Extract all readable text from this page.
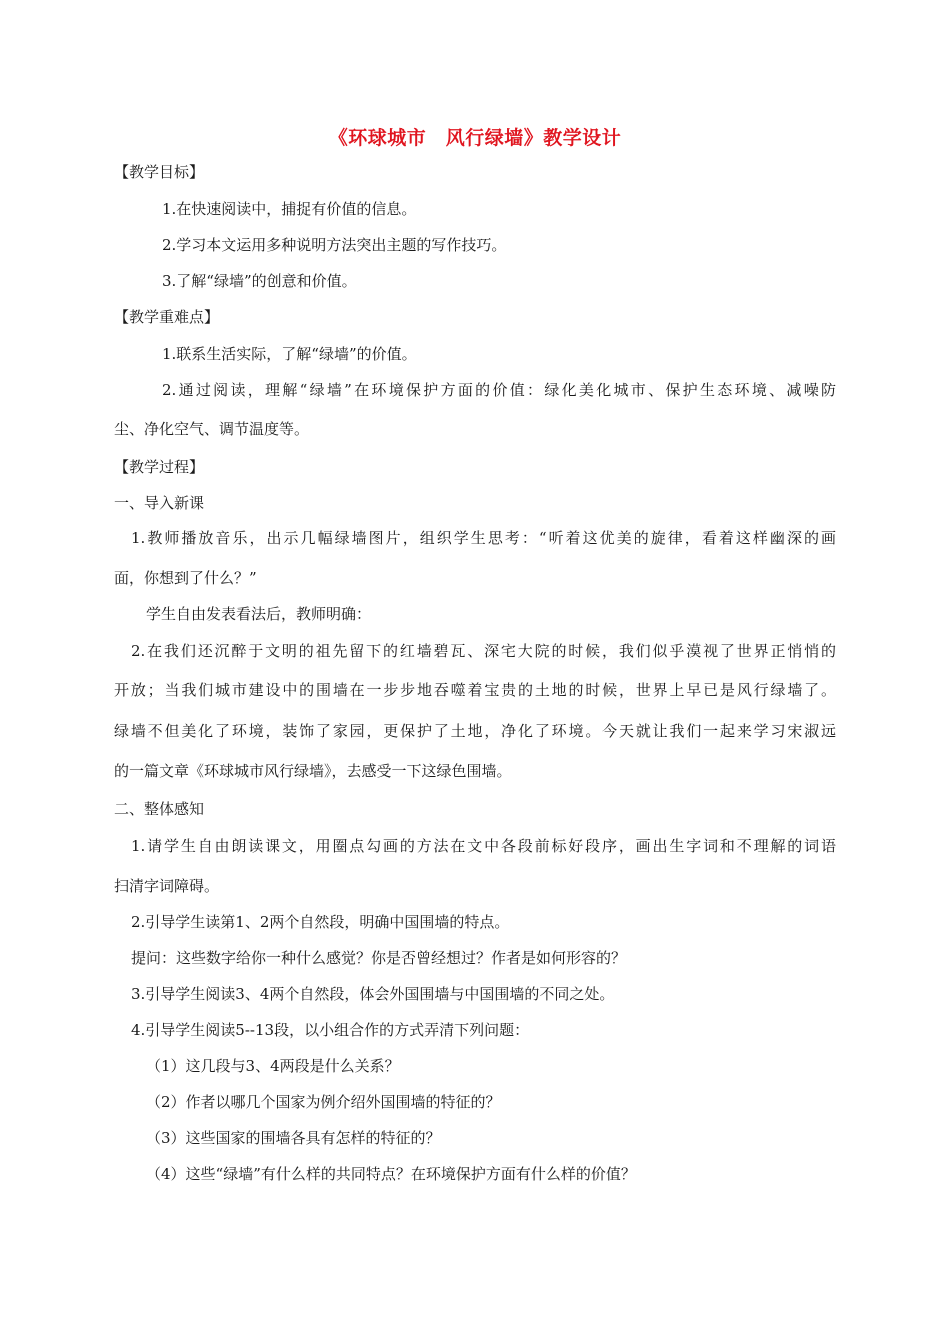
《环球城市　风行绿墙》教学设计
【教学目标】
1.在快速阅读中，捕捉有价值的信息。
2.学习本文运用多种说明方法突出主题的写作技巧。
3.了解“绿墙”的创意和价值。
【教学重难点】
1.联系生活实际，了解“绿墙”的价值。
2.通过阅读，理解“绿墙”在环境保护方面的价值：绿化美化城市、保护生态环境、减噪防
尘、净化空气、调节温度等。
【教学过程】
一、导入新课
1.教师播放音乐，出示几幅绿墙图片，组织学生思考：“听着这优美的旋律，看着这样幽深的画
面，你想到了什么？”
学生自由发表看法后，教师明确：
2.在我们还沉醉于文明的祖先留下的红墙碧瓦、深宅大院的时候，我们似乎漠视了世界正悄悄的
开放；当我们城市建设中的围墙在一步步地吞噬着宝贵的土地的时候，世界上早已是风行绿墙了。
绿墙不但美化了环境，装饰了家园，更保护了土地，净化了环境。今天就让我们一起来学习宋淑远
的一篇文章《环球城市风行绿墙》，去感受一下这绿色围墙。
二、整体感知
1.请学生自由朗读课文，用圈点勾画的方法在文中各段前标好段序，画出生字词和不理解的词语
扫清字词障碍。
2.引导学生读第1、2两个自然段，明确中国围墙的特点。
提问：这些数字给你一种什么感觉？你是否曾经想过？作者是如何形容的？
3.引导学生阅读3、4两个自然段，体会外国围墙与中国围墙的不同之处。
4.引导学生阅读5--13段，以小组合作的方式弄清下列问题：
（1）这几段与3、4两段是什么关系？
（2）作者以哪几个国家为例介绍外国围墙的特征的？
（3）这些国家的围墙各具有怎样的特征的？
（4）这些“绿墙”有什么样的共同特点？在环境保护方面有什么样的价值？
